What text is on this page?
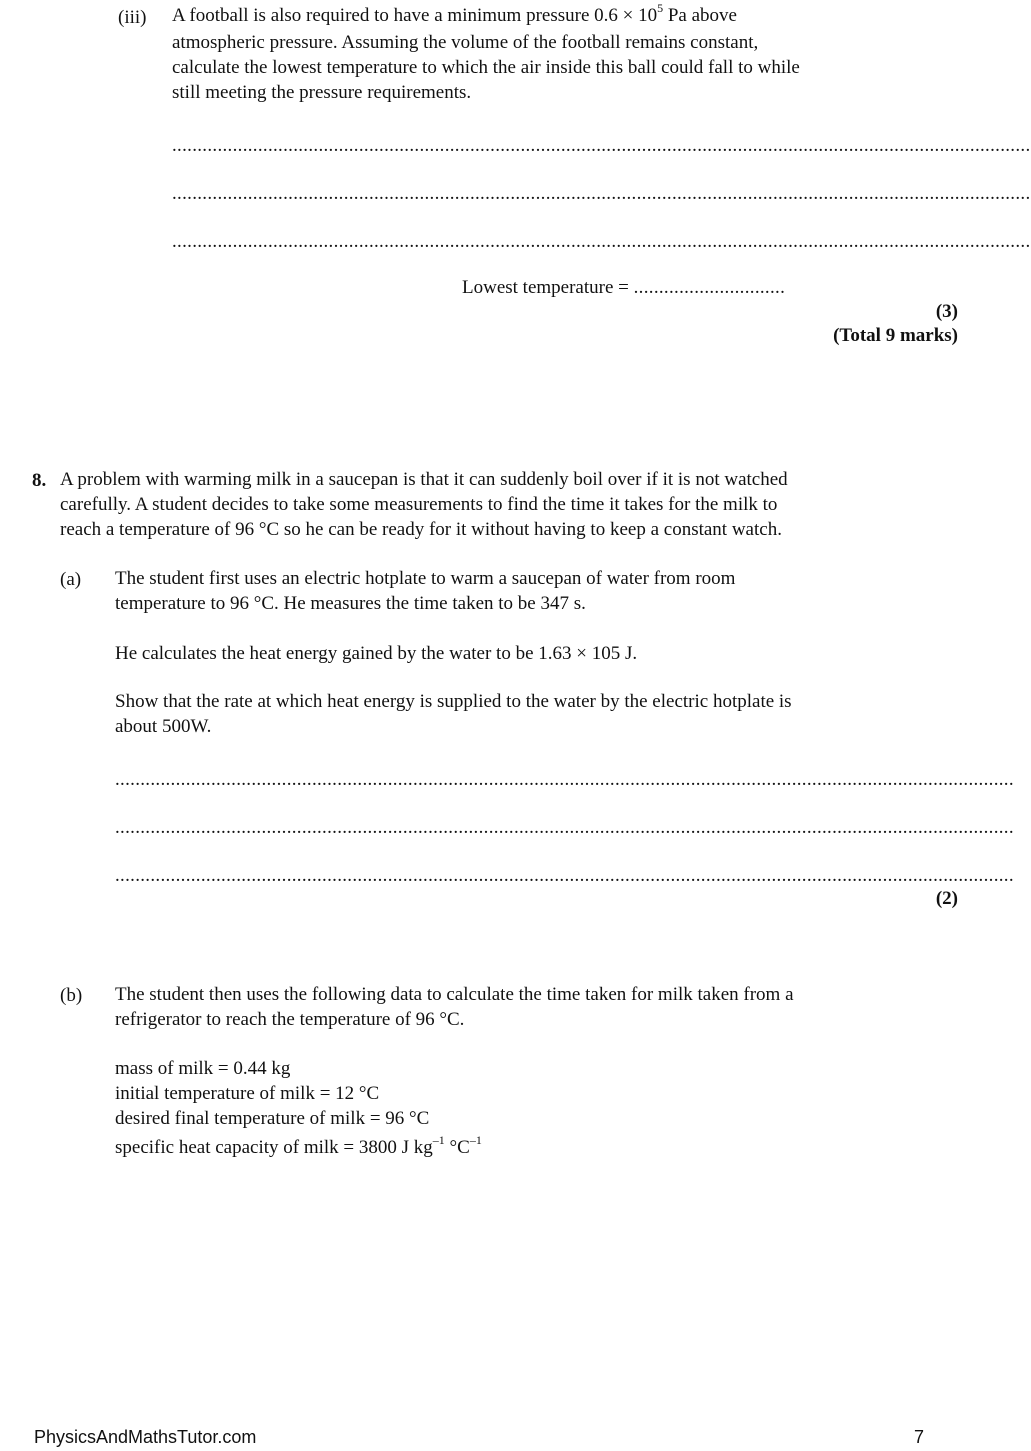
(iii) A football is also required to have a minimum pressure $0.6 \times 10^5$ Pa above
atmospheric pressure. Assuming the volume of the football remains constant,
calculate the lowest temperature to which the air inside this ball could fall to while
still meeting the pressure requirements.
..........................................................................................................................................................................
..........................................................................................................................................................................
..........................................................................................................................................................................
Lowest temperature = ..............................
(3)
(Total 9 marks)
8. A problem with warming milk in a saucepan is that it can suddenly boil over if it is not watched
carefully. A student decides to take some measurements to find the time it takes for the milk to
reach a temperature of 96 °C so he can be ready for it without having to keep a constant watch.
(a) The student first uses an electric hotplate to warm a saucepan of water from room
temperature to 96 °C. He measures the time taken to be 347 s.
He calculates the heat energy gained by the water to be 1.63 × 105 J.
Show that the rate at which heat energy is supplied to the water by the electric hotplate is
about 500W.
..................................................................................................................................................................................
..................................................................................................................................................................................
..................................................................................................................................................................................
(2)
(b) The student then uses the following data to calculate the time taken for milk taken from a
refrigerator to reach the temperature of 96 °C.
mass of milk = 0.44 kg
initial temperature of milk = 12 °C
desired final temperature of milk = 96 °C
specific heat capacity of milk = 3800 J $kg^{-1}$ $^\circ C^{-1}$
PhysicsAndMathsTutor.com	7
